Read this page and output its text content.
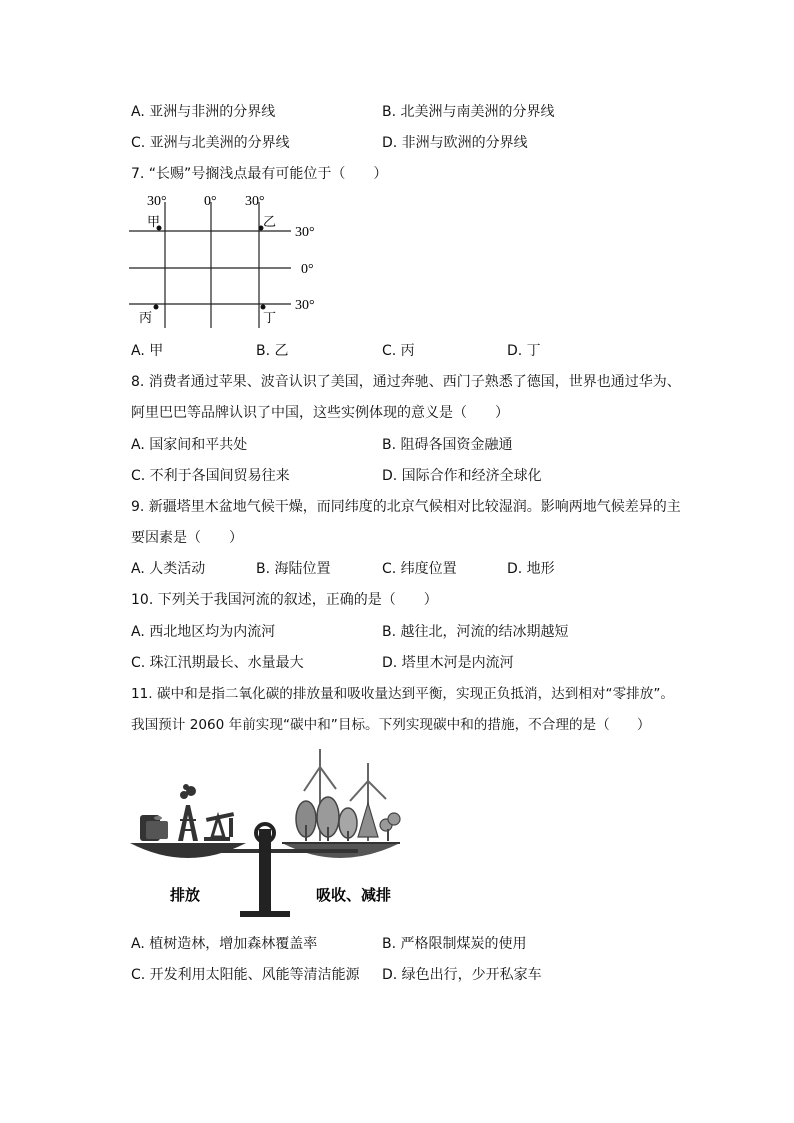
A. 亚洲与非洲的分界线	B. 北美洲与南美洲的分界线
C. 亚洲与北美洲的分界线	D. 非洲与欧洲的分界线
7. “长赐”号搁浅点最有可能位于（　　）
30°	0° 30°
30°
0°
30°
甲	乙
丙	丁
A. 甲	B. 乙	C. 丙	D. 丁
8. 消费者通过苹果、波音认识了美国，通过奔驰、西门子熟悉了德国，世界也通过华为、
阿里巴巴等品牌认识了中国，这些实例体现的意义是（　　）
A. 国家间和平共处	B. 阻碍各国资金融通
C. 不利于各国间贸易往来	D. 国际合作和经济全球化
9. 新疆塔里木盆地气候干燥，而同纬度的北京气候相对比较湿润。影响两地气候差异的主
要因素是（　　）
A. 人类活动	B. 海陆位置	C. 纬度位置	D. 地形
10. 下列关于我国河流的叙述，正确的是（　　）
A. 西北地区均为内流河	B. 越往北，河流的结冰期越短
C. 珠江汛期最长、水量最大	D. 塔里木河是内流河
11. 碳中和是指二氧化碳的排放量和吸收量达到平衡，实现正负抵消，达到相对“零排放”。
我国预计 2060 年前实现“碳中和”目标。下列实现碳中和的措施，不合理的是（　　）
排放	吸收、减排
A. 植树造林，增加森林覆盖率	B. 严格限制煤炭的使用
C. 开发利用太阳能、风能等清洁能源 D. 绿色出行，少开私家车
